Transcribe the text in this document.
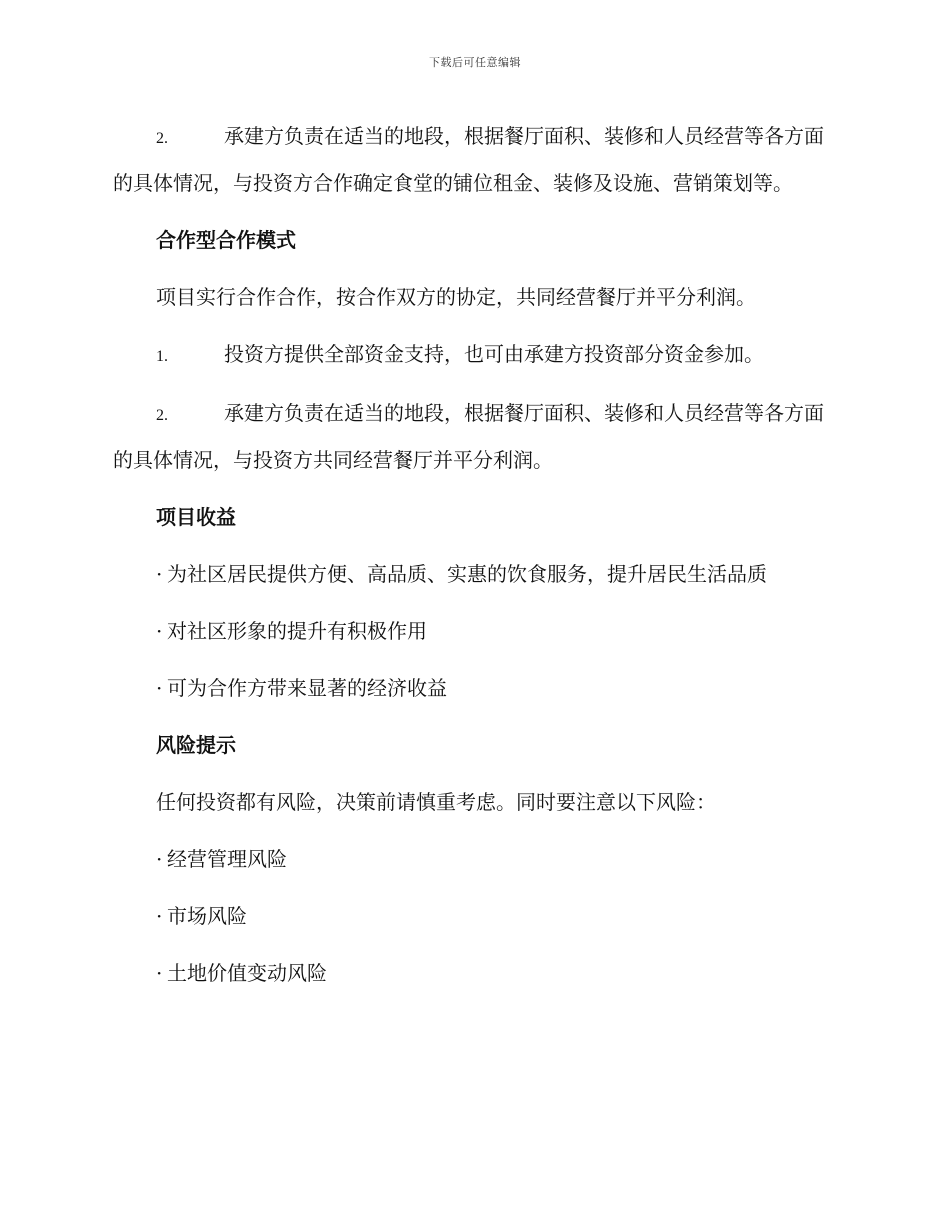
下载后可任意编辑
2.	承建方负责在适当的地段，根据餐厅面积、装修和人员经营等各方面的具体情况，与投资方合作确定食堂的铺位租金、装修及设施、营销策划等。
合作型合作模式
项目实行合作合作，按合作双方的协定，共同经营餐厅并平分利润。
1.	投资方提供全部资金支持，也可由承建方投资部分资金参加。
2.	承建方负责在适当的地段，根据餐厅面积、装修和人员经营等各方面的具体情况，与投资方共同经营餐厅并平分利润。
项目收益
· 为社区居民提供方便、高品质、实惠的饮食服务，提升居民生活品质
· 对社区形象的提升有积极作用
· 可为合作方带来显著的经济收益
风险提示
任何投资都有风险，决策前请慎重考虑。同时要注意以下风险：
· 经营管理风险
· 市场风险
· 土地价值变动风险
